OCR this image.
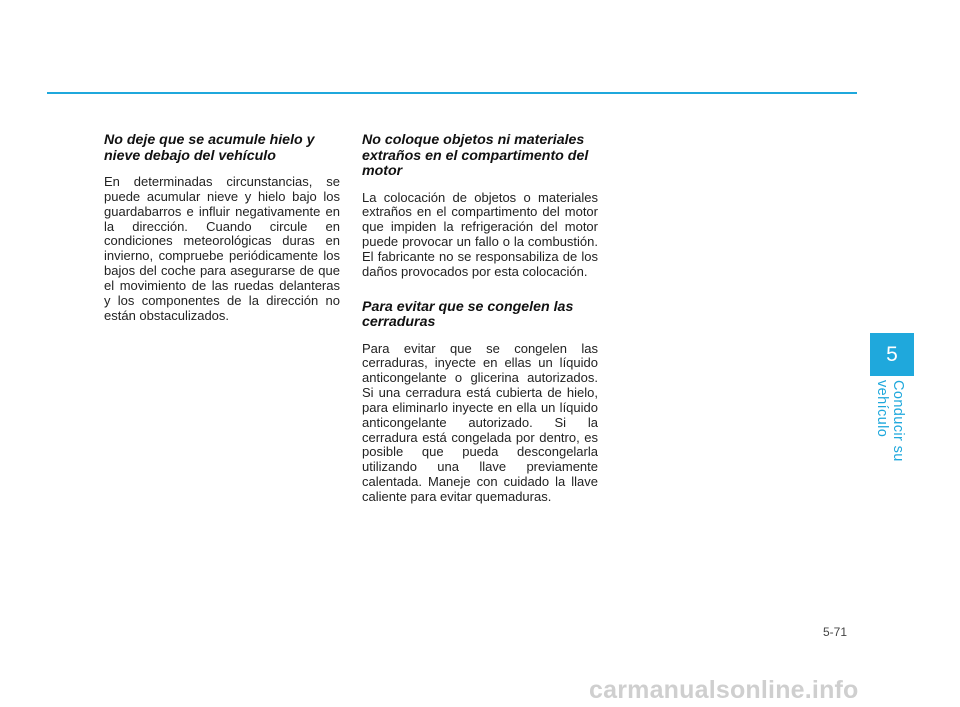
No deje que se acumule hielo y nieve debajo del vehículo

En determinadas circunstancias, se puede acumular nieve y hielo bajo los guardabarros e influir negativamente en la dirección. Cuando circule en condiciones meteorológicas duras en invierno, compruebe periódicamente los bajos del coche para asegurarse de que el movimiento de las ruedas delanteras y los componentes de la dirección no están obstaculizados.

No coloque objetos ni materiales extraños en el compartimento del motor

La colocación de objetos o materiales extraños en el compartimento del motor que impiden la refrigeración del motor puede provocar un fallo o la combustión. El fabricante no se responsabiliza de los daños provocados por esta colocación.

Para evitar que se congelen las cerraduras

Para evitar que se congelen las cerraduras, inyecte en ellas un líquido anticongelante o glicerina autorizados. Si una cerradura está cubierta de hielo, para eliminarlo inyecte en ella un líquido anticongelante autorizado. Si la cerradura está congelada por dentro, es posible que pueda descongelarla utilizando una llave previamente calentada. Maneje con cuidado la llave caliente para evitar quemaduras.

5
Conducir su vehículo
5-71
carmanualsonline.info
